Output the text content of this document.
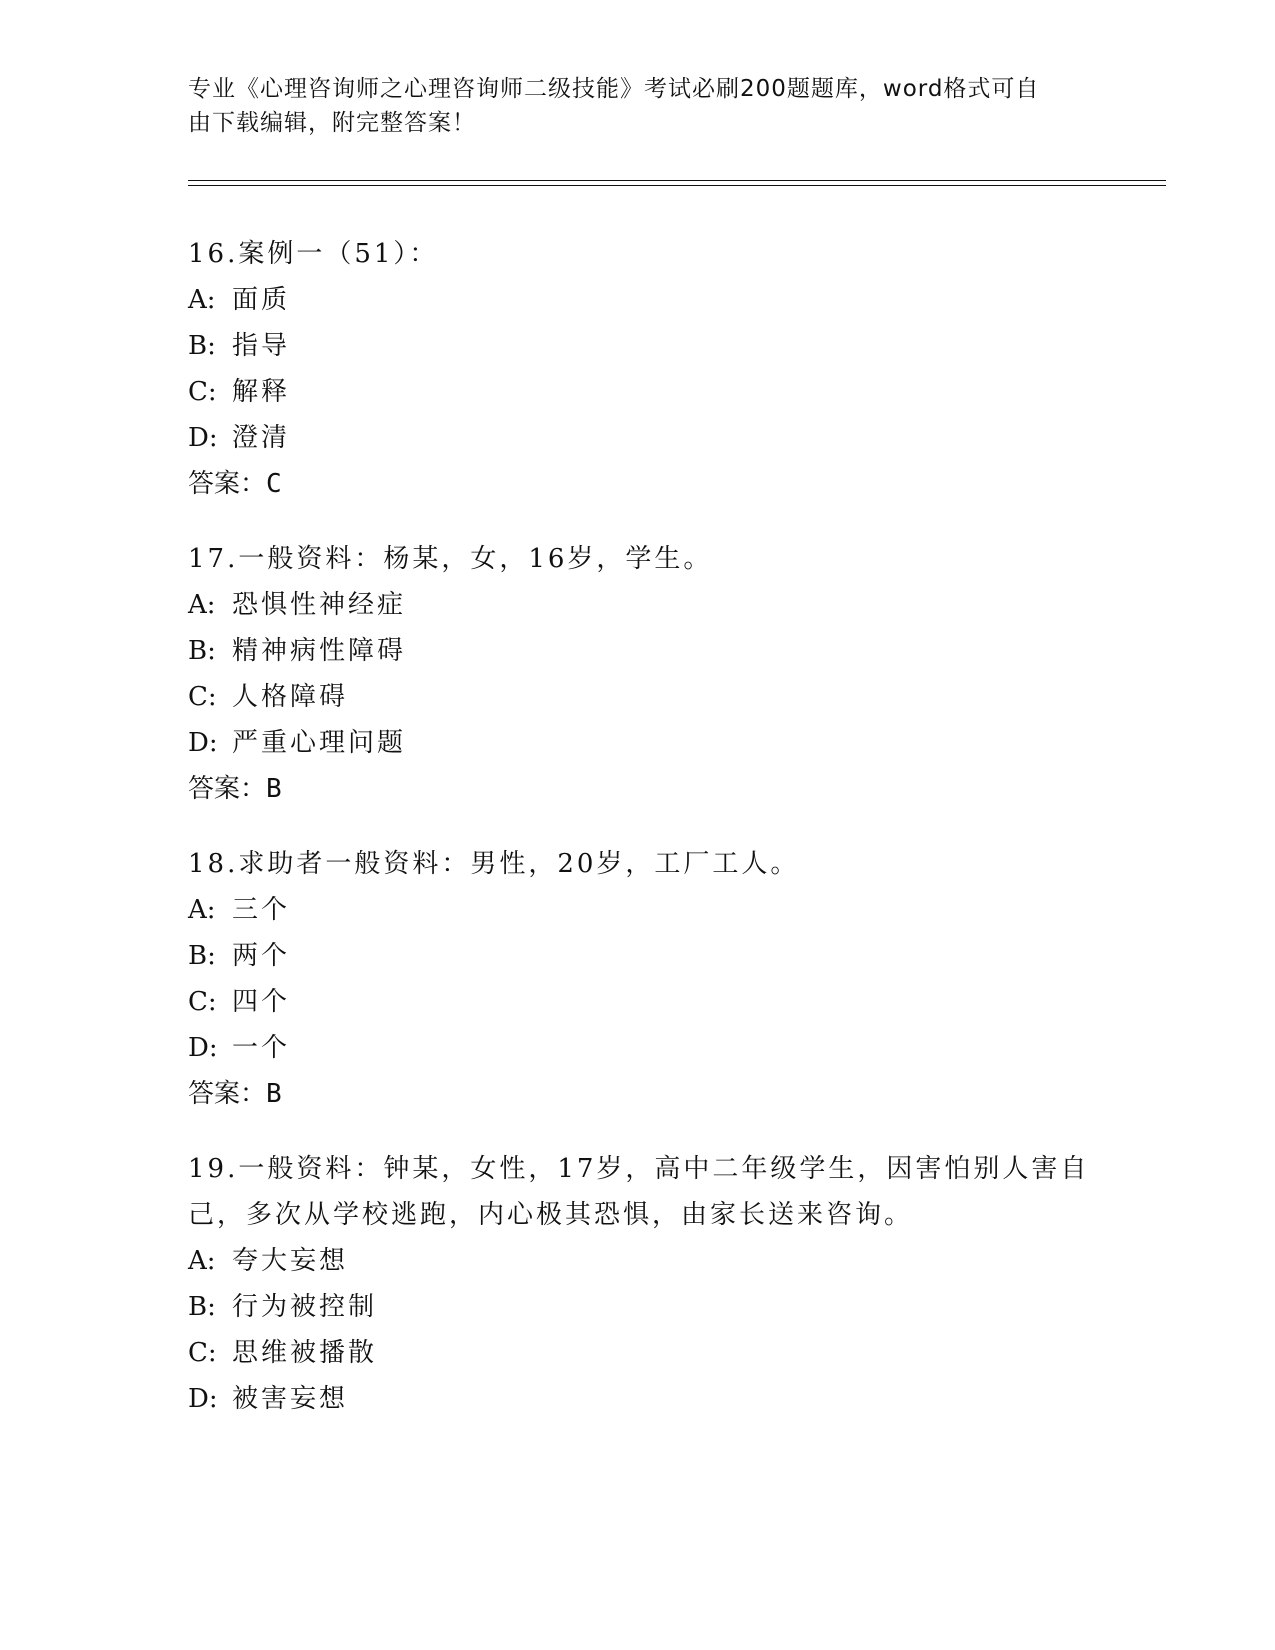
专业《心理咨询师之心理咨询师二级技能》考试必刷200题题库，word格式可自
由下载编辑，附完整答案！
16.案例一（51）：
A: 面质
B: 指导
C: 解释
D: 澄清
答案：C
17.一般资料：杨某，女，16岁，学生。
A: 恐惧性神经症
B: 精神病性障碍
C: 人格障碍
D: 严重心理问题
答案：B
18.求助者一般资料：男性，20岁，工厂工人。
A: 三个
B: 两个
C: 四个
D: 一个
答案：B
19.一般资料：钟某，女性，17岁，高中二年级学生，因害怕别人害自
己，多次从学校逃跑，内心极其恐惧，由家长送来咨询。
A: 夸大妄想
B: 行为被控制
C: 思维被播散
D: 被害妄想
